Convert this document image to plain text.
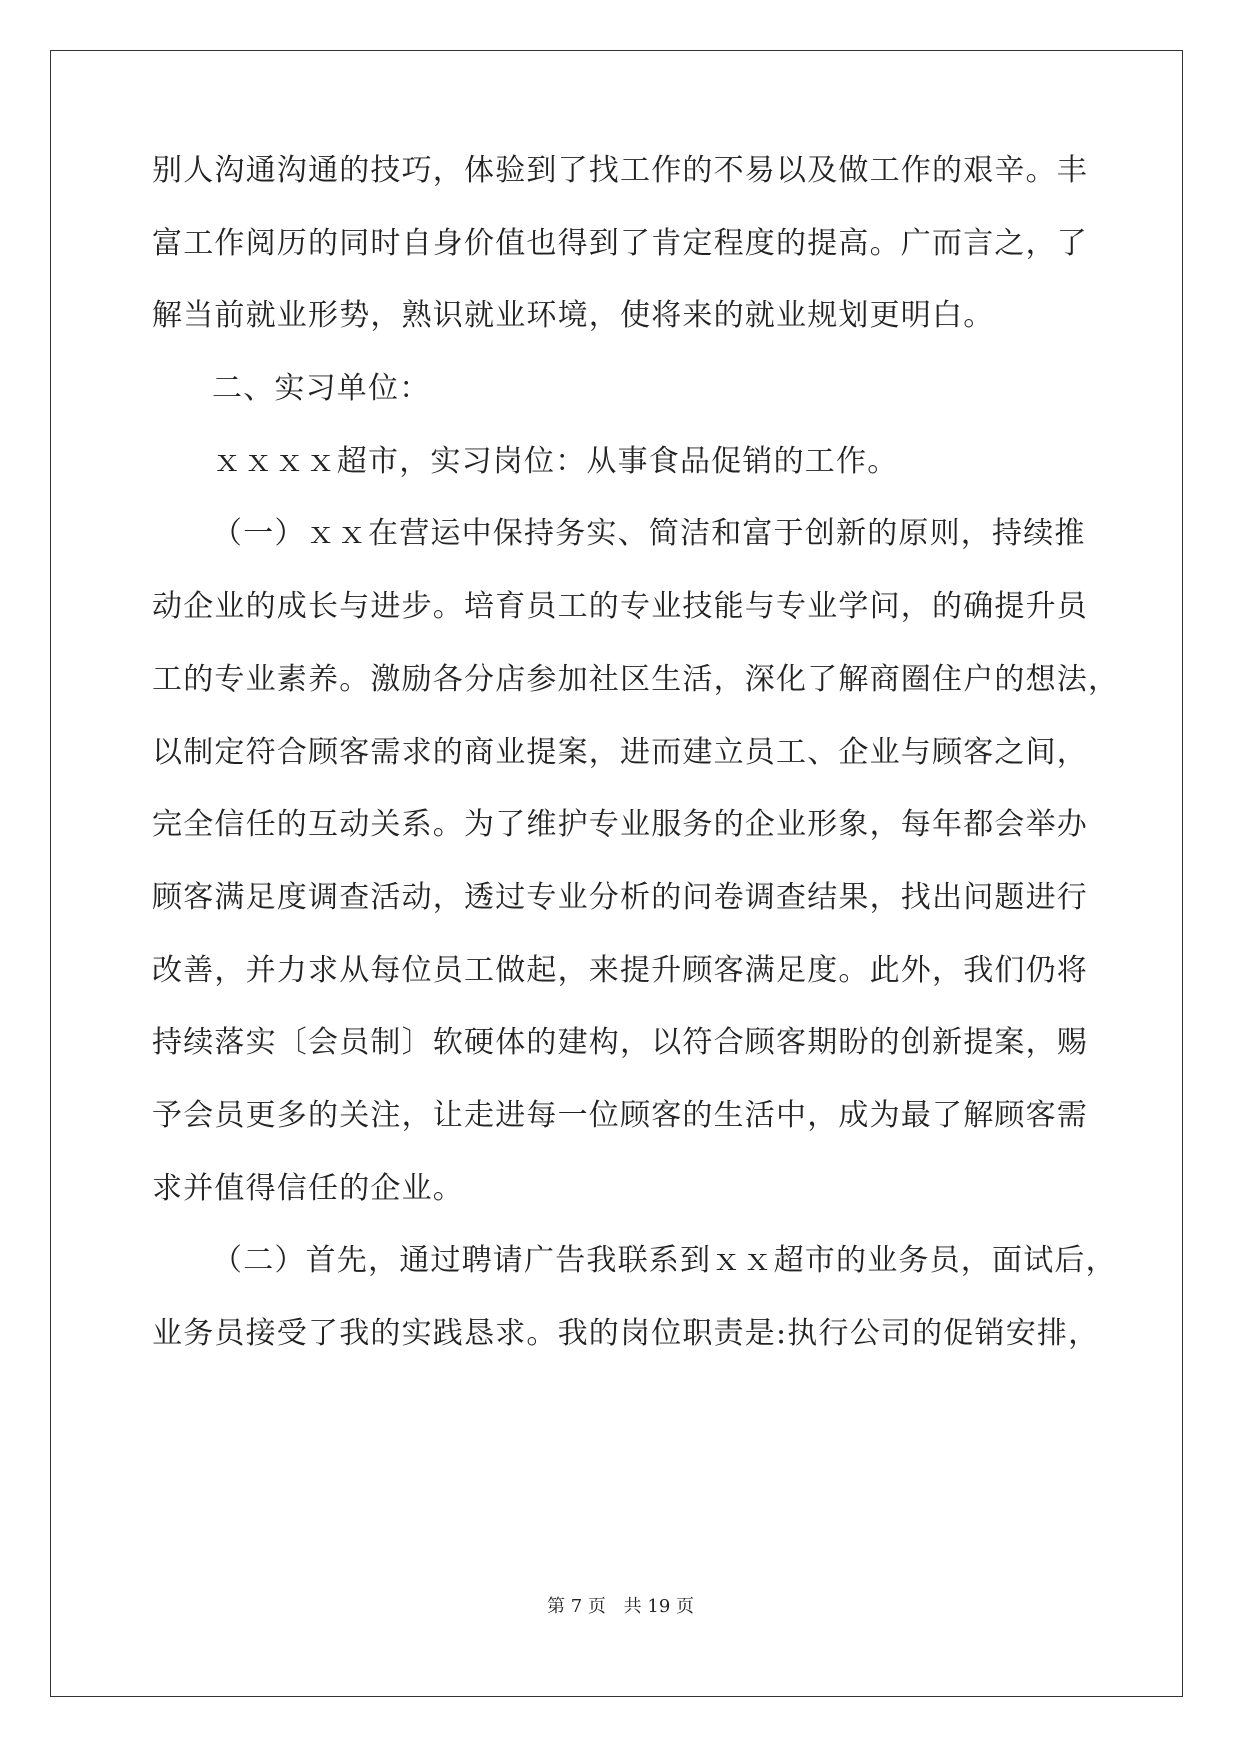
别人沟通沟通的技巧，体验到了找工作的不易以及做工作的艰辛。丰

富工作阅历的同时自身价值也得到了肯定程度的提高。广而言之，了

解当前就业形势，熟识就业环境，使将来的就业规划更明白。

二、实习单位：

ｘｘｘｘ超市，实习岗位：从事食品促销的工作。

（一）ｘｘ在营运中保持务实、简洁和富于创新的原则，持续推

动企业的成长与进步。培育员工的专业技能与专业学问，的确提升员

工的专业素养。激励各分店参加社区生活，深化了解商圈住户的想法，

以制定符合顾客需求的商业提案，进而建立员工、企业与顾客之间，

完全信任的互动关系。为了维护专业服务的企业形象，每年都会举办

顾客满足度调查活动，透过专业分析的问卷调查结果，找出问题进行

改善，并力求从每位员工做起，来提升顾客满足度。此外，我们仍将

持续落实〔会员制〕软硬体的建构，以符合顾客期盼的创新提案，赐

予会员更多的关注，让走进每一位顾客的生活中，成为最了解顾客需

求并值得信任的企业。

（二）首先，通过聘请广告我联系到ｘｘ超市的业务员，面试后，

业务员接受了我的实践恳求。我的岗位职责是:执行公司的促销安排，

第 7 页 共 19 页
